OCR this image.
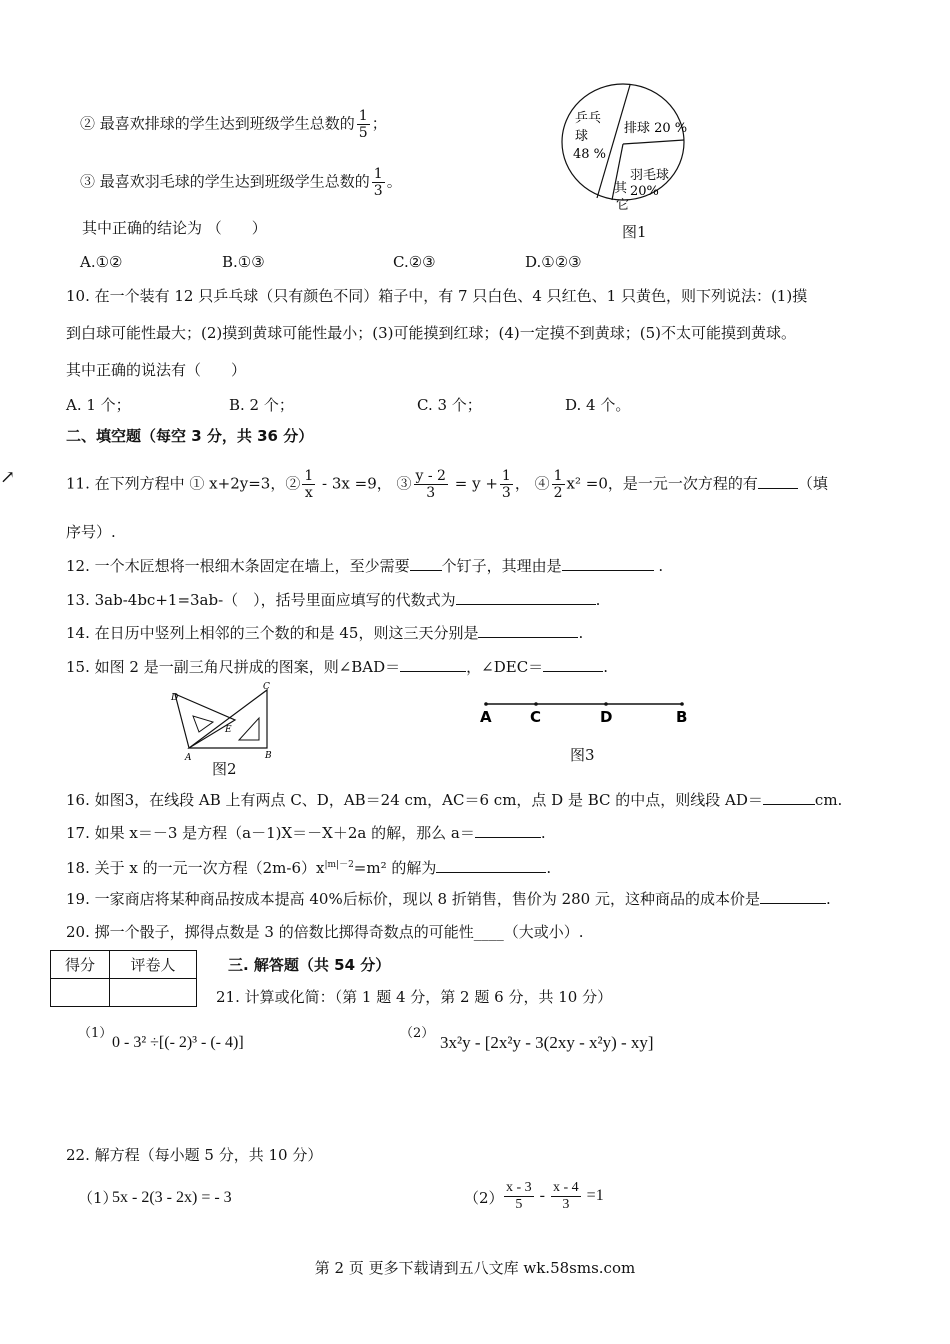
② 最喜欢排球的学生达到班级学生总数的 $\frac{1}{5}$ ；
③ 最喜欢羽毛球的学生达到班级学生总数的 $\frac{1}{3}$ 。
其中正确的结论为 （　　）
A.①②	B.①③	C.②③	D.①②③
乒乓
球
48 %
排球 20 %
羽毛球
20%
其
它
图1
10. 在一个装有 12 只乒乓球（只有颜色不同）箱子中，有 7 只白色、4 只红色、1 只黄色，则下列说法：(1)摸
到白球可能性最大；(2)摸到黄球可能性最小；(3)可能摸到红球；(4)一定摸不到黄球；(5)不太可能摸到黄球。
其中正确的说法有（　　）
A. 1 个；	B. 2 个；	C. 3 个；	D. 4 个。
二、填空题（每空 3 分，共 36 分）
↗	11. 在下列方程中 ① x+2y=3，② $\frac{1}{x} - 3x =9$， ③ $\frac{y - 2}{3} = y + \frac{1}{3}$ ， ④ $\frac{1}{2} x^2 =0$，是一元一次方程的有	（填
序号）.
12. 一个木匠想将一根细木条固定在墙上，至少需要 个钉子，其理由是	.
13. 3ab-4bc+1=3ab-（　），括号里面应填写的代数式为	.
14. 在日历中竖列上相邻的三个数的和是 45，则这三天分别是	.
15. 如图 2 是一副三角尺拼成的图案，则∠BAD＝	，∠DEC＝	.
D
C
E
A	B
图2
A	C	D	B
图3
16. 如图3，在线段 AB 上有两点 C、D，AB＝24 cm，AC＝6 cm，点 D 是 BC 的中点，则线段 AD＝	cm.
17. 如果 x＝－3 是方程（a－1)X＝－X＋2a 的解，那么 a＝	.
18. 关于 x 的一元一次方程$(2m-6)x^{|m|-2}=m^2$ 的解为	.
19. 一家商店将某种商品按成本提高 40%后标价，现以 8 折销售，售价为 280 元，这种商品的成本价是	.
20. 掷一个骰子，掷得点数是 3 的倍数比掷得奇数点的可能性____（大或小）.
得分	评卷人
		三. 解答题（共 54 分）
21. 计算或化简：（第 1 题 4 分，第 2 题 6 分，共 10 分）
（1）
0 - 3² ÷[(- 2)³ - (- 4)]
（2） 3x²y - [2x²y - 3(2xy - x²y) - xy]
22. 解方程（每小题 5 分，共 10 分）
（1）
5x - 2(3 - 2x) = - 3	$(2) \frac{x - 3}{5} - \frac{x - 4}{3} =1$
第 2 页 更多下载请到五八文库 wk.58sms.com
